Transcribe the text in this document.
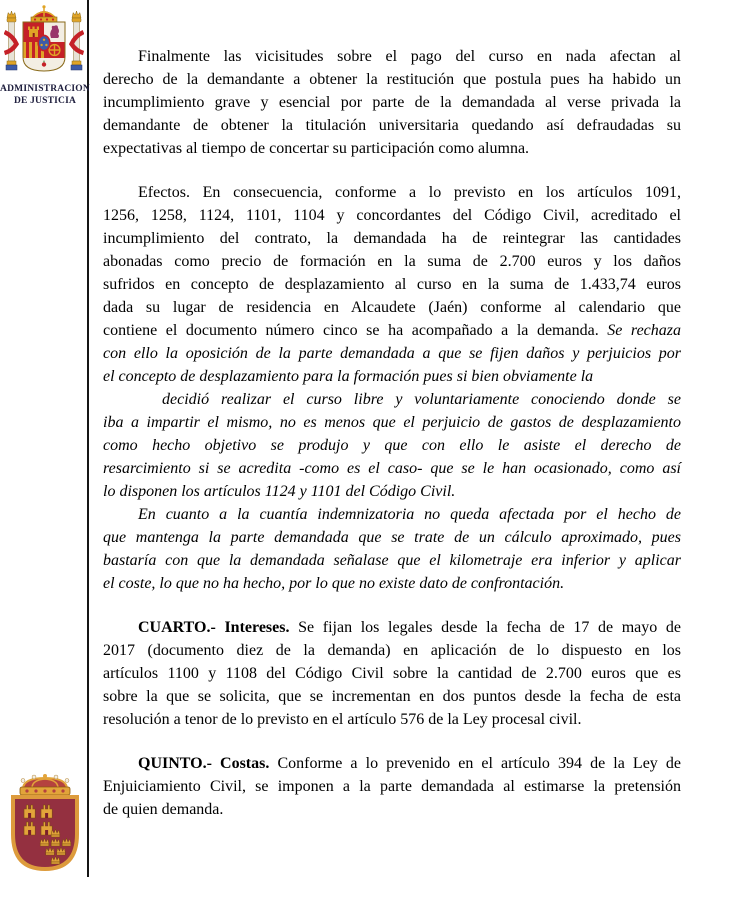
ADMINISTRACION
DE JUSTICIA
Finalmente las vicisitudes sobre el pago del curso en nada afectan al
derecho de la demandante a obtener la restitución que postula pues ha habido un
incumplimiento grave y esencial por parte de la demandada al verse privada la
demandante de obtener la titulación universitaria quedando así defraudadas su
expectativas al tiempo de concertar su participación como alumna.
Efectos. En consecuencia, conforme a lo previsto en los artículos 1091,
1256, 1258, 1124, 1101, 1104 y concordantes del Código Civil, acreditado el
incumplimiento del contrato, la demandada ha de reintegrar las cantidades
abonadas como precio de formación en la suma de 2.700 euros y los daños
sufridos en concepto de desplazamiento al curso en la suma de 1.433,74 euros
dada su lugar de residencia en Alcaudete (Jaén) conforme al calendario que
contiene el documento número cinco se ha acompañado a la demanda. Se rechaza
con ello la oposición de la parte demandada a que se fijen daños y perjuicios por
el concepto de desplazamiento para la formación pues si bien obviamente la
decidió realizar el curso libre y voluntariamente conociendo donde se
iba a impartir el mismo, no es menos que el perjuicio de gastos de desplazamiento
como hecho objetivo se produjo y que con ello le asiste el derecho de
resarcimiento si se acredita -como es el caso- que se le han ocasionado, como así
lo disponen los artículos 1124 y 1101 del Código Civil.
En cuanto a la cuantía indemnizatoria no queda afectada por el hecho de
que mantenga la parte demandada que se trate de un cálculo aproximado, pues
bastaría con que la demandada señalase que el kilometraje era inferior y aplicar
el coste, lo que no ha hecho, por lo que no existe dato de confrontación.
CUARTO.- Intereses. Se fijan los legales desde la fecha de 17 de mayo de
2017 (documento diez de la demanda) en aplicación de lo dispuesto en los
artículos 1100 y 1108 del Código Civil sobre la cantidad de 2.700 euros que es
sobre la que se solicita, que se incrementan en dos puntos desde la fecha de esta
resolución a tenor de lo previsto en el artículo 576 de la Ley procesal civil.
QUINTO.- Costas. Conforme a lo prevenido en el artículo 394 de la Ley de
Enjuiciamiento Civil, se imponen a la parte demandada al estimarse la pretensión
de quien demanda.
